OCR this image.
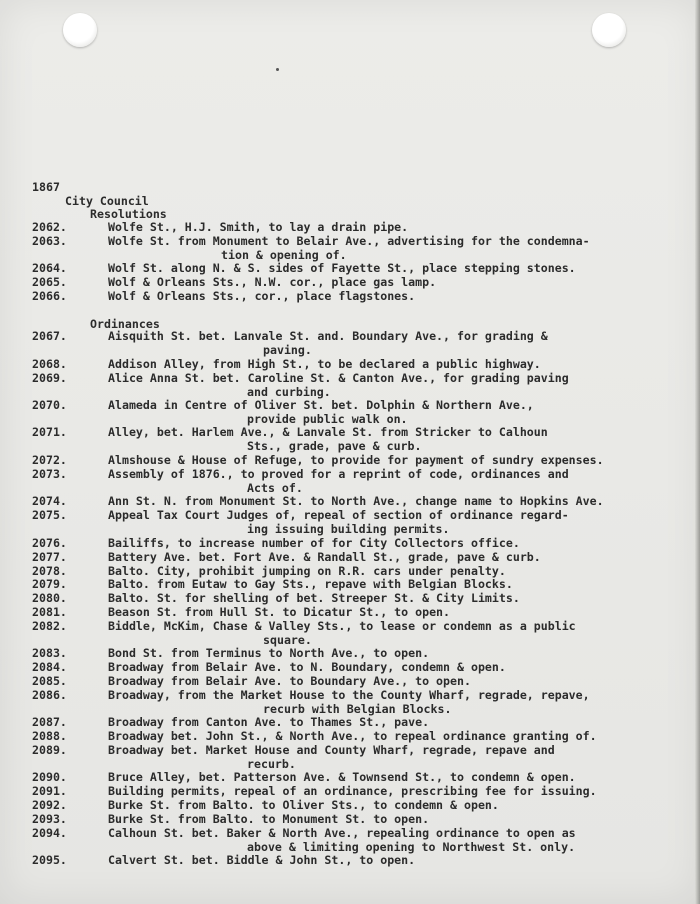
1867
City Council
Resolutions
Ordinances
2062.	Wolfe St., H.J. Smith, to lay a drain pipe.
2063.	Wolfe St. from Monument to Belair Ave., advertising for the condemna-
tion & opening of.
2064.	Wolf St. along N. & S. sides of Fayette St., place stepping stones.
2065.	Wolf & Orleans Sts., N.W. cor., place gas lamp.
2066.	Wolf & Orleans Sts., cor., place flagstones.
2067.	Aisquith St. bet. Lanvale St. and. Boundary Ave., for grading &
paving.
2068.	Addison Alley, from High St., to be declared a public highway.
2069.	Alice Anna St. bet. Caroline St. & Canton Ave., for grading paving
and curbing.
2070.	Alameda in Centre of Oliver St. bet. Dolphin & Northern Ave.,
provide public walk on.
2071.	Alley, bet. Harlem Ave., & Lanvale St. from Stricker to Calhoun
Sts., grade, pave & curb.
2072.	Almshouse & House of Refuge, to provide for payment of sundry expenses.
2073.	Assembly of 1876., to proved for a reprint of code, ordinances and
Acts of.
2074.	Ann St. N. from Monument St. to North Ave., change name to Hopkins Ave.
2075.	Appeal Tax Court Judges of, repeal of section of ordinance regard-
ing issuing building permits.
2076.	Bailiffs, to increase number of for City Collectors office.
2077.	Battery Ave. bet. Fort Ave. & Randall St., grade, pave & curb.
2078.	Balto. City, prohibit jumping on R.R. cars under penalty.
2079.	Balto. from Eutaw to Gay Sts., repave with Belgian Blocks.
2080.	Balto. St. for shelling of bet. Streeper St. & City Limits.
2081.	Beason St. from Hull St. to Dicatur St., to open.
2082.	Biddle, McKim, Chase & Valley Sts., to lease or condemn as a public
square.
2083.	Bond St. from Terminus to North Ave., to open.
2084.	Broadway from Belair Ave. to N. Boundary, condemn & open.
2085.	Broadway from Belair Ave. to Boundary Ave., to open.
2086.	Broadway, from the Market House to the County Wharf, regrade, repave,
recurb with Belgian Blocks.
2087.	Broadway from Canton Ave. to Thames St., pave.
2088.	Broadway bet. John St., & North Ave., to repeal ordinance granting of.
2089.	Broadway bet. Market House and County Wharf, regrade, repave and
recurb.
2090.	Bruce Alley, bet. Patterson Ave. & Townsend St., to condemn & open.
2091.	Building permits, repeal of an ordinance, prescribing fee for issuing.
2092.	Burke St. from Balto. to Oliver Sts., to condemn & open.
2093.	Burke St. from Balto. to Monument St. to open.
2094.	Calhoun St. bet. Baker & North Ave., repealing ordinance to open as
above & limiting opening to Northwest St. only.
2095.	Calvert St. bet. Biddle & John St., to open.
